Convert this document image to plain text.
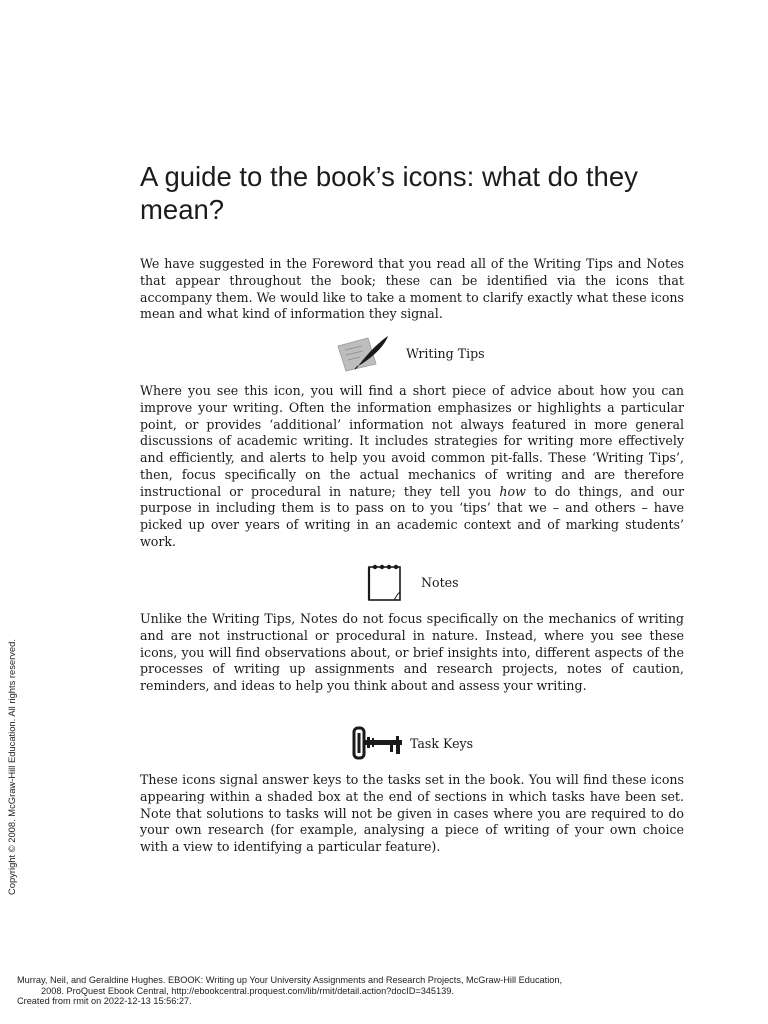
A guide to the book’s icons: what do they mean?

We have suggested in the Foreword that you read all of the Writing Tips and Notes that appear throughout the book; these can be identified via the icons that accompany them. We would like to take a moment to clarify exactly what these icons mean and what kind of information they signal.

Writing Tips

Where you see this icon, you will find a short piece of advice about how you can improve your writing. Often the information emphasizes or highlights a particular point, or provides ‘additional’ information not always featured in more general discussions of academic writing. It includes strategies for writing more effectively and efficiently, and alerts to help you avoid common pit-falls. These ‘Writing Tips’, then, focus specifically on the actual mechanics of writing and are therefore instructional or procedural in nature; they tell you how to do things, and our purpose in including them is to pass on to you ‘tips’ that we – and others – have picked up over years of writing in an academic context and of marking students’ work.

Notes

Unlike the Writing Tips, Notes do not focus specifically on the mechanics of writing and are not instructional or procedural in nature. Instead, where you see these icons, you will find observations about, or brief insights into, different aspects of the processes of writing up assignments and research projects, notes of caution, reminders, and ideas to help you think about and assess your writing.

Task Keys

These icons signal answer keys to the tasks set in the book. You will find these icons appearing within a shaded box at the end of sections in which tasks have been set. Note that solutions to tasks will not be given in cases where you are required to do your own research (for example, analysing a piece of writing of your own choice with a view to identifying a particular feature).

Copyright © 2008. McGraw-Hill Education. All rights reserved.
Murray, Neil, and Geraldine Hughes. EBOOK: Writing up Your University Assignments and Research Projects, McGraw-Hill Education,
2008. ProQuest Ebook Central, http://ebookcentral.proquest.com/lib/rmit/detail.action?docID=345139.
Created from rmit on 2022-12-13 15:56:27.
